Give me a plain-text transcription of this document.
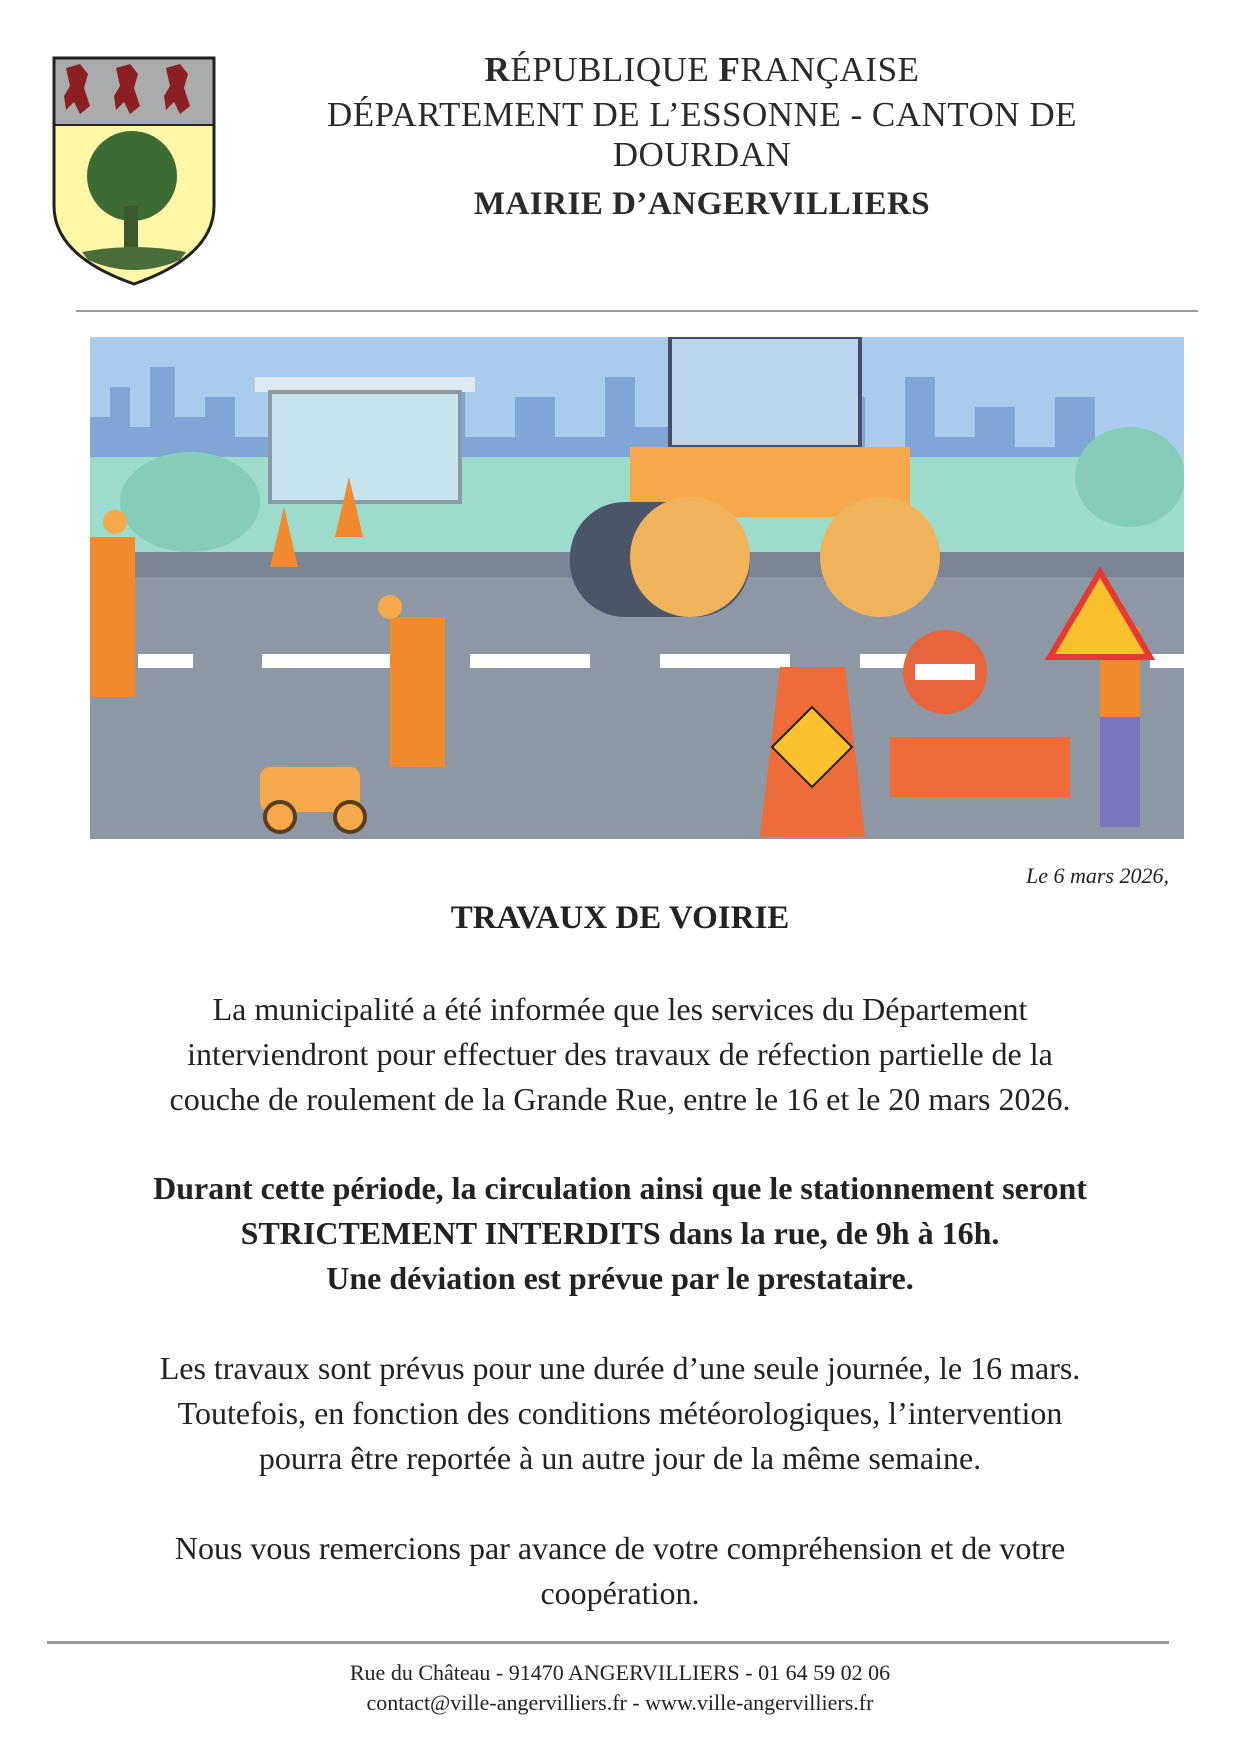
RÉPUBLIQUE FRANÇAISE
DÉPARTEMENT DE L’ESSONNE - CANTON DE DOURDAN
MAIRIE D’ANGERVILLIERS
Le 6 mars 2026,
TRAVAUX DE VOIRIE
La municipalité a été informée que les services du Département
interviendront pour effectuer des travaux de réfection partielle de la
couche de roulement de la Grande Rue, entre le 16 et le 20 mars 2026.
Durant cette période, la circulation ainsi que le stationnement seront
STRICTEMENT INTERDITS dans la rue, de 9h à 16h.
Une déviation est prévue par le prestataire.
Les travaux sont prévus pour une durée d’une seule journée, le 16 mars.
Toutefois, en fonction des conditions météorologiques, l’intervention
pourra être reportée à un autre jour de la même semaine.
Nous vous remercions par avance de votre compréhension et de votre
coopération.
Rue du Château - 91470 ANGERVILLIERS - 01 64 59 02 06
contact@ville-angervilliers.fr - www.ville-angervilliers.fr
